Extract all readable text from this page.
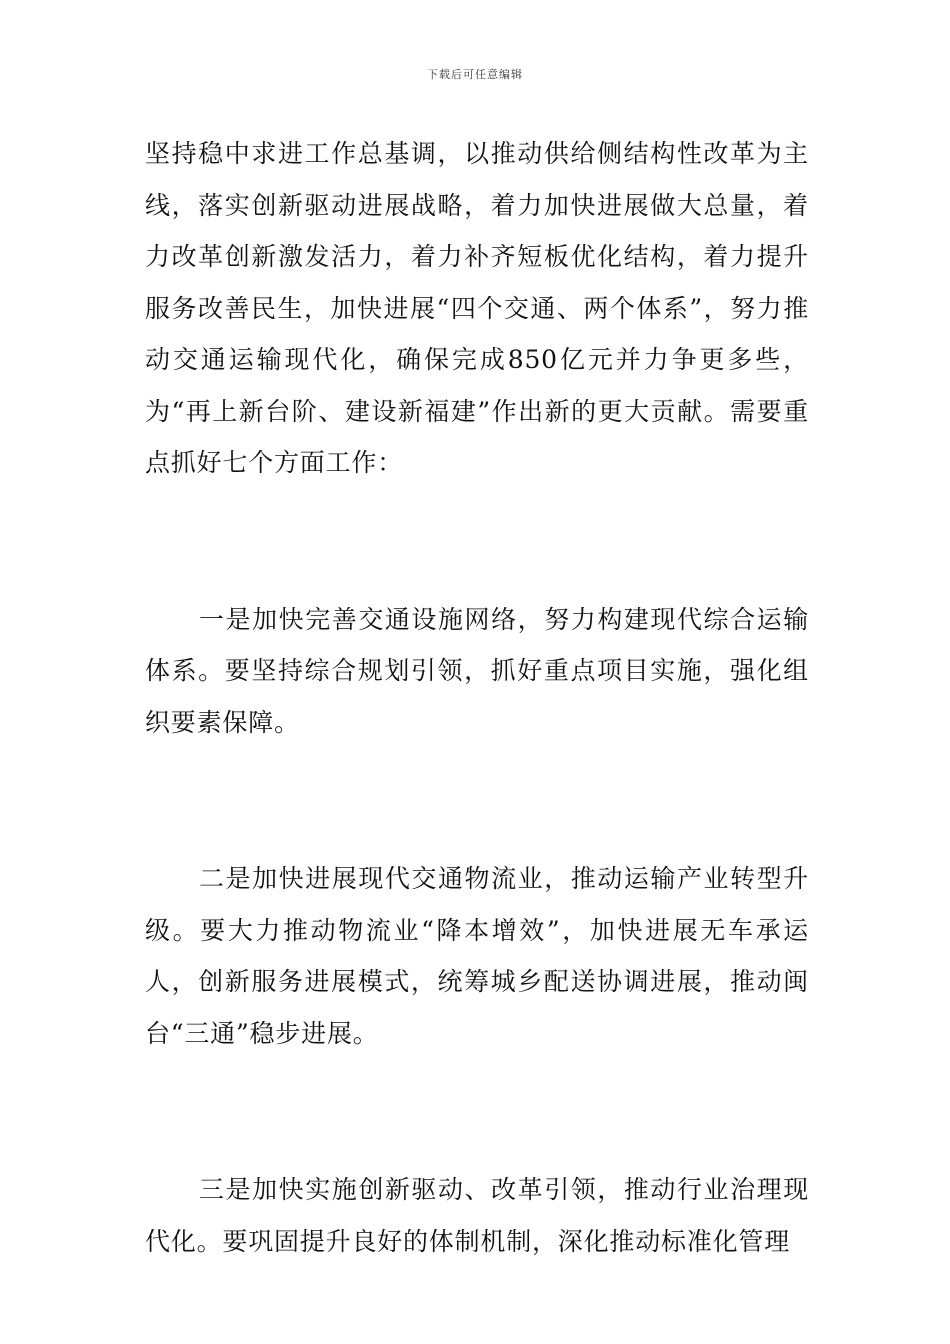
下载后可任意编辑

坚持稳中求进工作总基调，以推动供给侧结构性改革为主线，落实创新驱动进展战略，着力加快进展做大总量，着力改革创新激发活力，着力补齐短板优化结构，着力提升服务改善民生，加快进展“四个交通、两个体系”，努力推动交通运输现代化，确保完成850亿元并力争更多些，为“再上新台阶、建设新福建”作出新的更大贡献。需要重点抓好七个方面工作：

一是加快完善交通设施网络，努力构建现代综合运输体系。要坚持综合规划引领，抓好重点项目实施，强化组织要素保障。

二是加快进展现代交通物流业，推动运输产业转型升级。要大力推动物流业“降本增效”，加快进展无车承运人，创新服务进展模式，统筹城乡配送协调进展，推动闽台“三通”稳步进展。

三是加快实施创新驱动、改革引领，推动行业治理现代化。要巩固提升良好的体制机制，深化推动标准化管理
